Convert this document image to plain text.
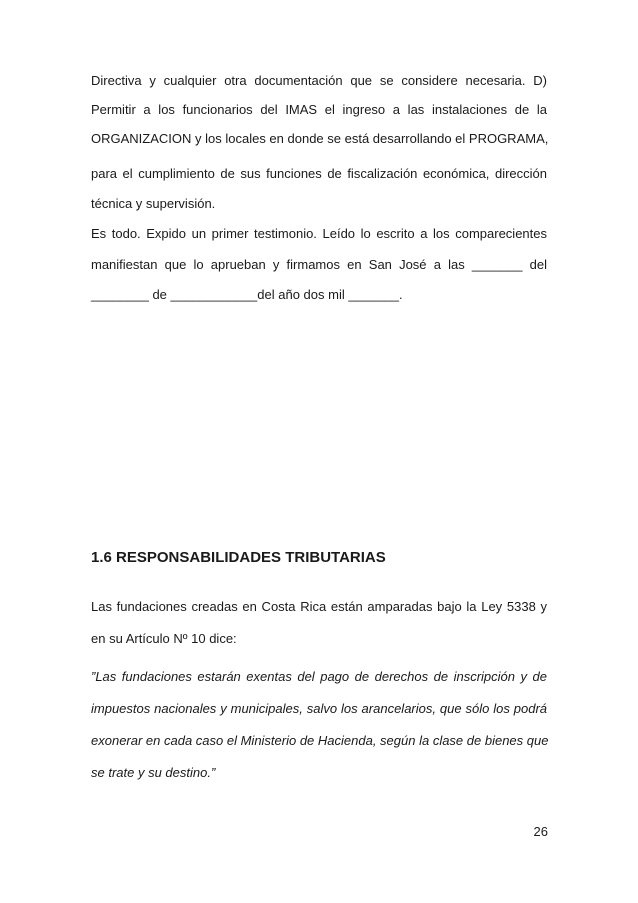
Directiva y cualquier otra documentación que se considere necesaria. D)
Permitir a los funcionarios del IMAS el ingreso a las instalaciones de la
ORGANIZACION y los locales en donde se está desarrollando el PROGRAMA,
para el cumplimiento de sus funciones de fiscalización económica, dirección
técnica y supervisión.
Es todo. Expido un primer testimonio. Leído lo escrito a los comparecientes
manifiestan que lo aprueban y firmamos en San José a las _______ del
________ de ____________del año dos mil _______.
1.6 RESPONSABILIDADES TRIBUTARIAS
Las fundaciones creadas en Costa Rica están amparadas bajo la Ley 5338 y
en su Artículo Nº 10 dice:
”Las fundaciones estarán exentas del pago de derechos de inscripción y de
impuestos nacionales y municipales, salvo los arancelarios, que sólo los podrá
exonerar en cada caso el Ministerio de Hacienda, según la clase de bienes que
se trate y su destino.”
26
